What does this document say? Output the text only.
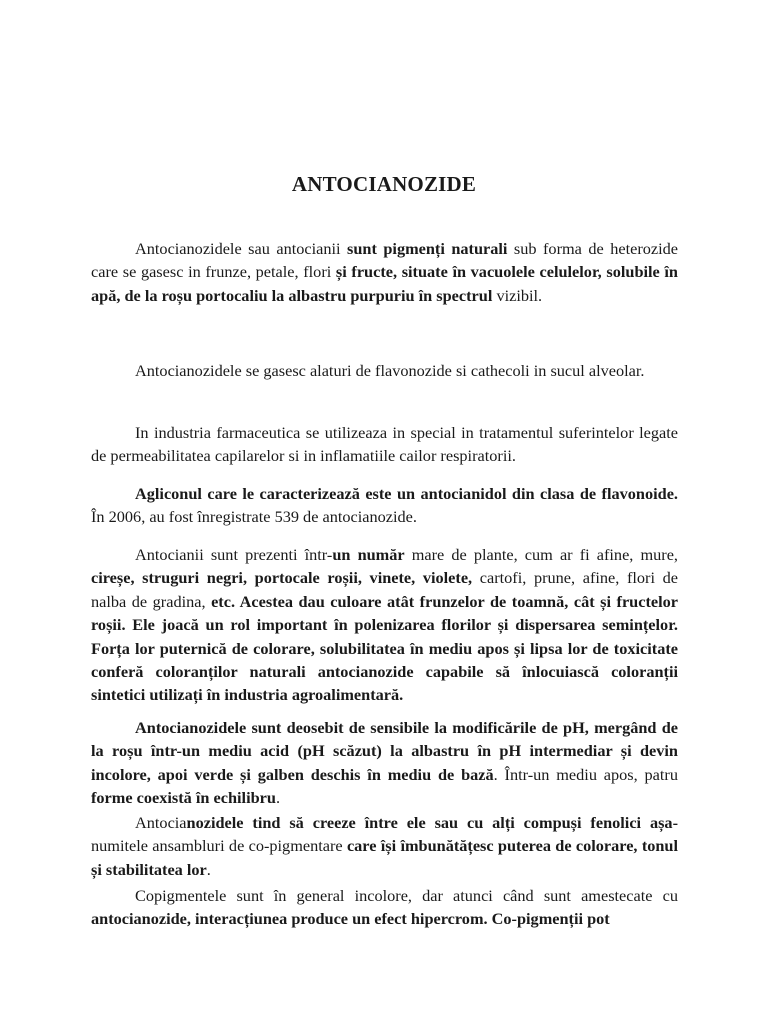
ANTOCIANOZIDE

Antocianozidele sau antocianii sunt pigmenți naturali sub forma de heterozide care se gasesc in frunze, petale, flori și fructe, situate în vacuolele celulelor, solubile în apă, de la roșu portocaliu la albastru purpuriu în spectrul vizibil.

Antocianozidele se gasesc alaturi de flavonozide si cathecoli in sucul alveolar.

In industria farmaceutica se utilizeaza in special in tratamentul suferintelor legate de permeabilitatea capilarelor si in inflamatiile cailor respiratorii.

Agliconul care le caracterizează este un antocianidol din clasa de flavonoide. În 2006, au fost înregistrate 539 de antocianozide.

Antocianii sunt prezenti într-un număr mare de plante, cum ar fi afine, mure, cireșe, struguri negri, portocale roșii, vinete, violete, cartofi, prune, afine, flori de nalba de gradina, etc. Acestea dau culoare atât frunzelor de toamnă, cât și fructelor roșii. Ele joacă un rol important în polenizarea florilor și dispersarea semințelor. Forța lor puternică de colorare, solubilitatea în mediu apos și lipsa lor de toxicitate conferă coloranților naturali antocianozide capabile să înlocuiască coloranții sintetici utilizați în industria agroalimentară.

Antocianozidele sunt deosebit de sensibile la modificările de pH, mergând de la roșu într-un mediu acid (pH scăzut) la albastru în pH intermediar și devin incolore, apoi verde și galben deschis în mediu de bază. Într-un mediu apos, patru forme coexistă în echilibru.

Antocianozidele tind să creeze între ele sau cu alți compuși fenolici așa-numitele ansambluri de co-pigmentare care își îmbunătățesc puterea de colorare, tonul și stabilitatea lor.

Copigmentele sunt în general incolore, dar atunci când sunt amestecate cu antocianozide, interacțiunea produce un efect hipercrom. Co-pigmenții pot
